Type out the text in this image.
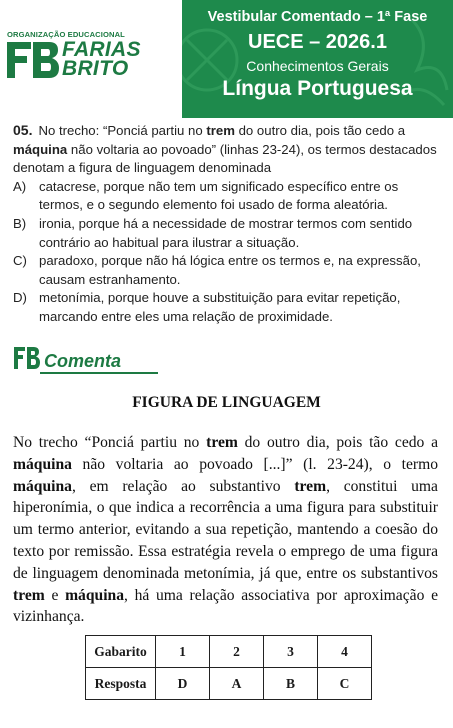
ORGANIZAÇÃO EDUCACIONAL
FARIAS
BRITO
Vestibular Comentado – 1ª Fase
UECE – 2026.1
Conhecimentos Gerais
Língua Portuguesa

05. No trecho: “Ponciá partiu no trem do outro dia, pois tão cedo a máquina não voltaria ao povoado” (linhas 23-24), os termos destacados denotam a figura de linguagem denominada

A) catacrese, porque não tem um significado específico entre os termos, e o segundo elemento foi usado de forma aleatória.
B) ironia, porque há a necessidade de mostrar termos com sentido contrário ao habitual para ilustrar a situação.
C) paradoxo, porque não há lógica entre os termos e, na expressão, causam estranhamento.
D) metonímia, porque houve a substituição para evitar repetição, marcando entre eles uma relação de proximidade.
Comenta
FIGURA DE LINGUAGEM

No trecho “Ponciá partiu no trem do outro dia, pois tão cedo a máquina não voltaria ao povoado [...]” (l. 23-24), o termo máquina, em relação ao substantivo trem, constitui uma hiperonímia, o que indica a recorrência a uma figura para substituir um termo anterior, evitando a sua repetição, mantendo a coesão do texto por remissão. Essa estratégia revela o emprego de uma figura de linguagem denominada metonímia, já que, entre os substantivos trem e máquina, há uma relação associativa por aproximação e vizinhança.

Gabarito	1	2	3	4
Resposta	D	A	B	C
